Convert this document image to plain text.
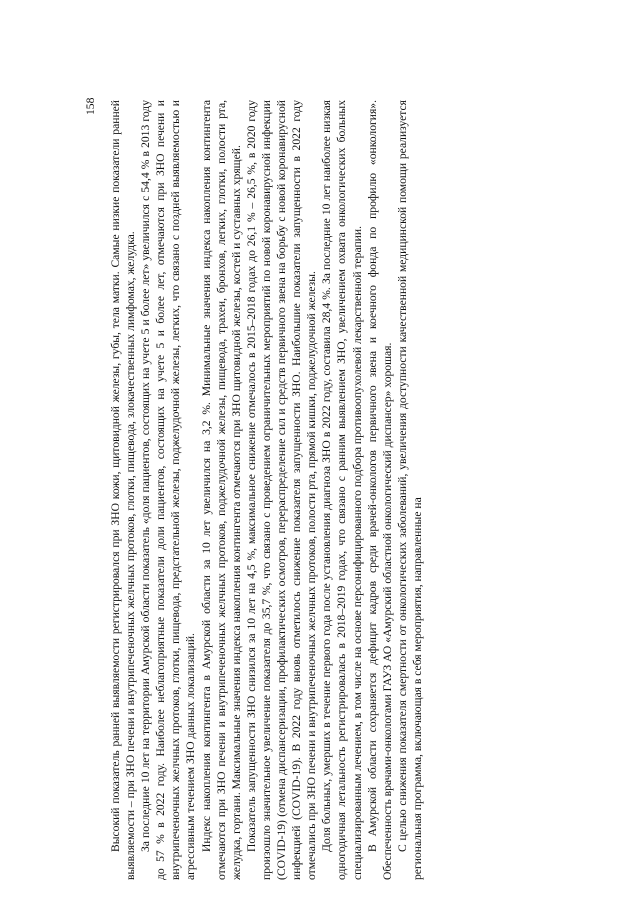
158 Высокий показатель ранней выявляемости регистрировался при ЗНО кожи, щитовидной железы, губы, тела матки. Самые низкие показатели ранней выявляемости – при ЗНО печени и внутрипеченочных желчных протоков, глотки, пищевода, злокачественных лимфомах, желудка. За последние 10 лет на территории Амурской области показатель «доля пациентов, состоящих на учете 5 и более лет» увеличился с 54,4 % в 2013 году до 57 % в 2022 году. Наиболее неблагоприятные показатели доли пациентов, состоящих на учете 5 и более лет, отмечаются при ЗНО печени и внутрипеченочных желчных протоков, глотки, пищевода, предстательной железы, поджелудочной железы, легких, что связано с поздней выявляемостью и агрессивным течением ЗНО данных локализаций. Индекс накопления контингента в Амурской области за 10 лет увеличился на 3,2 %. Минимальные значения индекса накопления контингента отмечаются при ЗНО печени и внутрипеченочных желчных протоков, поджелудочной железы, пищевода, трахеи, бронхов, легких, глотки, полости рта, желудка, гортани. Максимальные значения индекса накопления контингента отмечаются при ЗНО щитовидной железы, костей и суставных хрящей. Показатель запущенности ЗНО снизился за 10 лет на 4,5 %, максимальное снижение отмечалось в 2015–2018 годах до 26,1 % – 26,5 %, в 2020 году произошло значительное увеличение показателя до 35,7 %, что связано с проведением ограничительных мероприятий по новой коронавирусной инфекции (COVID-19) (отмена диспансеризации, профилактических осмотров, перераспределение сил и средств первичного звена на борьбу с новой коронавирусной инфекцией (COVID-19). В 2022 году вновь отметилось снижение показателя запущенности ЗНО. Наибольшие показатели запущенности в 2022 году отмечались при ЗНО печени и внутрипеченочных желчных протоков, полости рта, прямой кишки, поджелудочной железы. Доля больных, умерших в течение первого года после установления диагноза ЗНО в 2022 году, составила 28,4 %. За последние 10 лет наиболее низкая одногодичная летальность регистрировалась в 2018–2019 годах, что связано с ранним выявлением ЗНО, увеличением охвата онкологических больных специализированным лечением, в том числе на основе персонифицированного подбора противоопухолевой лекарственной терапии. В Амурской области сохраняется дефицит кадров среди врачей-онкологов первичного звена и коечного фонда по профилю «онкология». Обеспеченность врачами-онкологами ГАУЗ АО «Амурский областной онкологический диспансер» хорошая. С целью снижения показателя смертности от онкологических заболеваний, увеличения доступности качественной медицинской помощи реализуется региональная программа, включающая в себя мероприятия, направленные на
